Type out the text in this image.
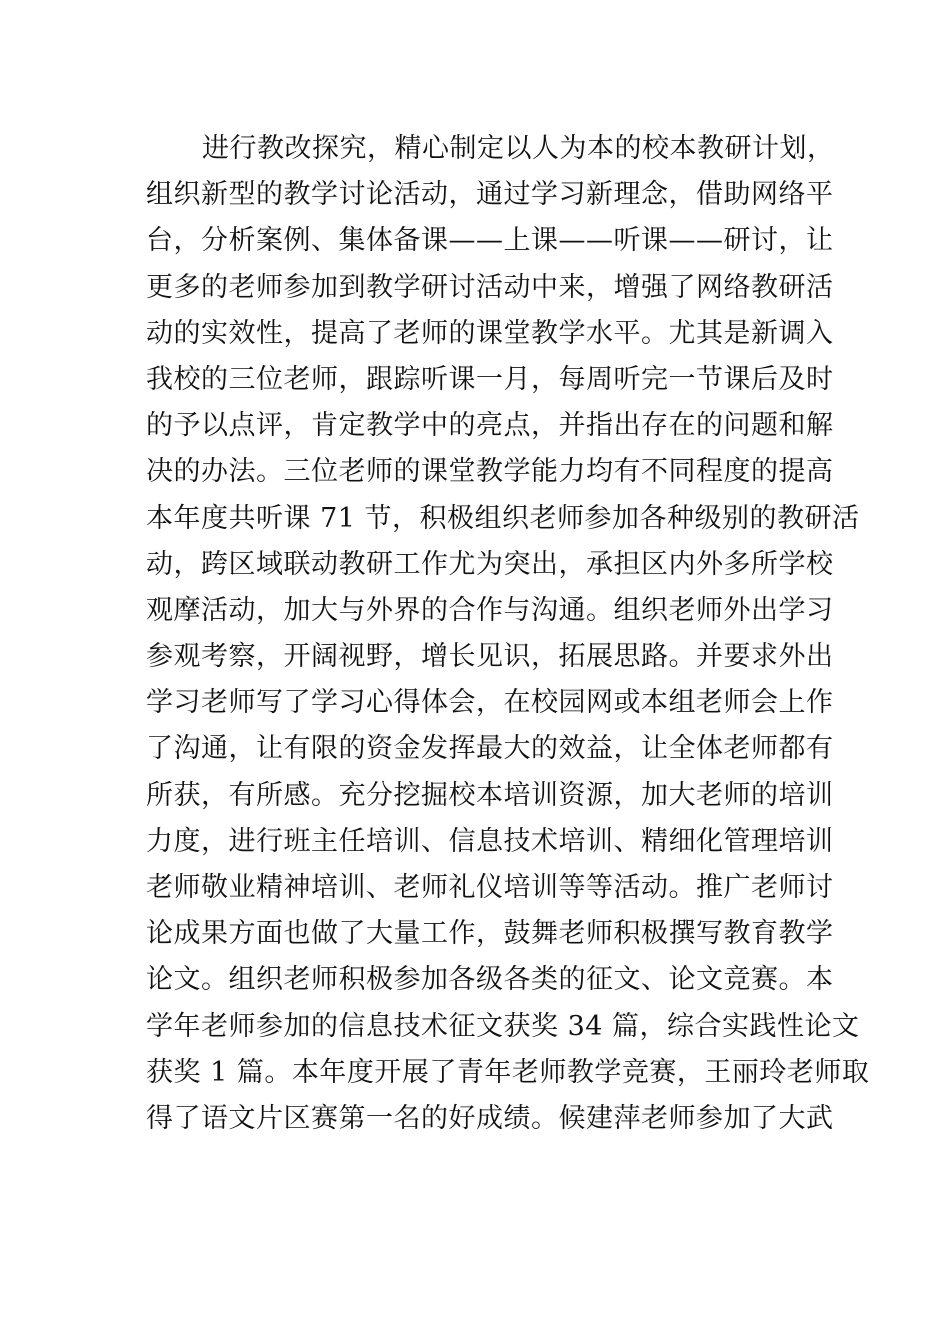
进行教改探究，精心制定以人为本的校本教研计划，
组织新型的教学讨论活动，通过学习新理念，借助网络平
台，分析案例、集体备课——上课——听课——研讨，让
更多的老师参加到教学研讨活动中来，增强了网络教研活
动的实效性，提高了老师的课堂教学水平。尤其是新调入
我校的三位老师，跟踪听课一月，每周听完一节课后及时
的予以点评，肯定教学中的亮点，并指出存在的问题和解
决的办法。三位老师的课堂教学能力均有不同程度的提高
本年度共听课 71 节，积极组织老师参加各种级别的教研活
动，跨区域联动教研工作尤为突出，承担区内外多所学校
观摩活动，加大与外界的合作与沟通。组织老师外出学习
参观考察，开阔视野，增长见识，拓展思路。并要求外出
学习老师写了学习心得体会，在校园网或本组老师会上作
了沟通，让有限的资金发挥最大的效益，让全体老师都有
所获，有所感。充分挖掘校本培训资源，加大老师的培训
力度，进行班主任培训、信息技术培训、精细化管理培训
老师敬业精神培训、老师礼仪培训等等活动。推广老师讨
论成果方面也做了大量工作，鼓舞老师积极撰写教育教学
论文。组织老师积极参加各级各类的征文、论文竞赛。本
学年老师参加的信息技术征文获奖 34 篇，综合实践性论文
获奖 1 篇。本年度开展了青年老师教学竞赛，王丽玲老师取
得了语文片区赛第一名的好成绩。候建萍老师参加了大武
